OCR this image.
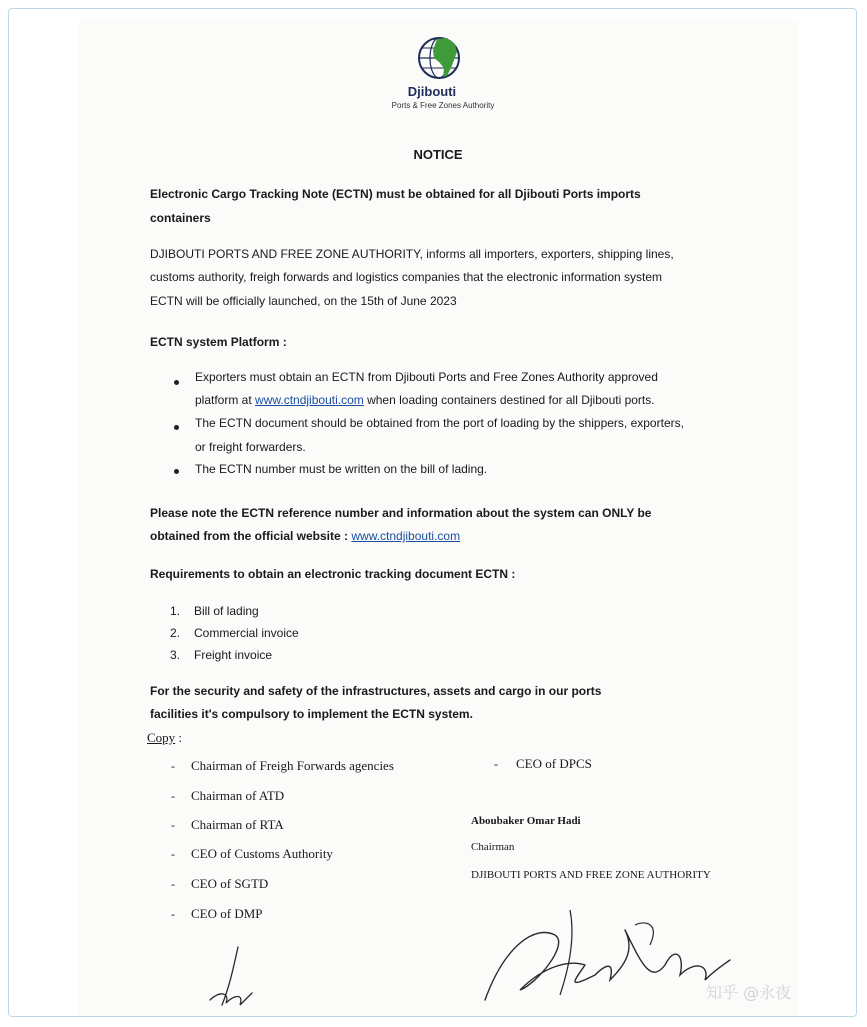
Djibouti
Ports & Free Zones Authority
NOTICE
Electronic Cargo Tracking Note (ECTN) must be obtained for all Djibouti Ports imports
containers
DJIBOUTI PORTS AND FREE ZONE AUTHORITY, informs all importers, exporters, shipping lines,
customs authority, freigh forwards and logistics companies that the electronic information system
ECTN will be officially launched, on the 15th of June 2023
ECTN system Platform :
Exporters must obtain an ECTN from Djibouti Ports and Free Zones Authority approved
platform at www.ctndjibouti.com when loading containers destined for all Djibouti ports.
The ECTN document should be obtained from the port of loading by the shippers, exporters,
or freight forwarders.
The ECTN number must be written on the bill of lading.
Please note the ECTN reference number and information about the system can ONLY be
obtained from the official website : www.ctndjibouti.com
Requirements to obtain an electronic tracking document ECTN :
1. Bill of lading
2. Commercial invoice
3. Freight invoice
For the security and safety of the infrastructures, assets and cargo in our ports
facilities it's compulsory to implement the ECTN system.
Copy :
- Chairman of Freigh Forwards agencies
- Chairman of ATD
- Chairman of RTA
- CEO of Customs Authority
- CEO of SGTD
- CEO of DMP
- CEO of DPCS
Aboubaker Omar Hadi
Chairman
DJIBOUTI PORTS AND FREE ZONE AUTHORITY
知乎 @永夜
